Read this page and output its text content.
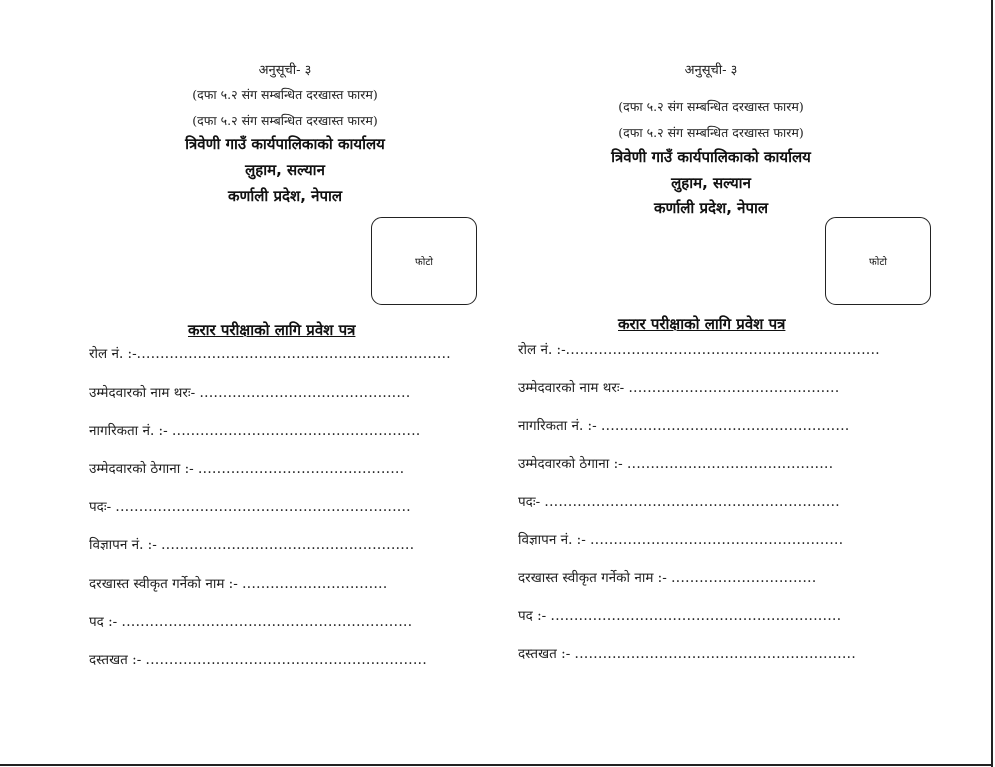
अनुसूची- ३
(दफा ५.२ संग सम्बन्धित दरखास्त फारम)
(दफा ५.२ संग सम्बन्धित दरखास्त फारम)
त्रिवेणी गाउँ कार्यपालिकाको कार्यालय
लुहाम, सल्यान
कर्णाली प्रदेश, नेपाल
फोटो
करार परीक्षाको लागि प्रवेश पत्र
रोल नं. :-...................................................................
उम्मेदवारको नाम थरः- .............................................
नागरिकता नं. :- .....................................................
उम्मेदवारको ठेगाना :- ............................................
पदः- ...............................................................
विज्ञापन नं. :- ......................................................
दरखास्त स्वीकृत गर्नेको नाम :- ...............................
पद :- ..............................................................
दस्तखत :- ............................................................
अनुसूची- ३
(दफा ५.२ संग सम्बन्धित दरखास्त फारम)
(दफा ५.२ संग सम्बन्धित दरखास्त फारम)
त्रिवेणी गाउँ कार्यपालिकाको कार्यालय
लुहाम, सल्यान
कर्णाली प्रदेश, नेपाल
फोटो
करार परीक्षाको लागि प्रवेश पत्र
रोल नं. :-...................................................................
उम्मेदवारको नाम थरः- .............................................
नागरिकता नं. :- .....................................................
उम्मेदवारको ठेगाना :- ............................................
पदः- ...............................................................
विज्ञापन नं. :- ......................................................
दरखास्त स्वीकृत गर्नेको नाम :- ...............................
पद :- ..............................................................
दस्तखत :- ............................................................
